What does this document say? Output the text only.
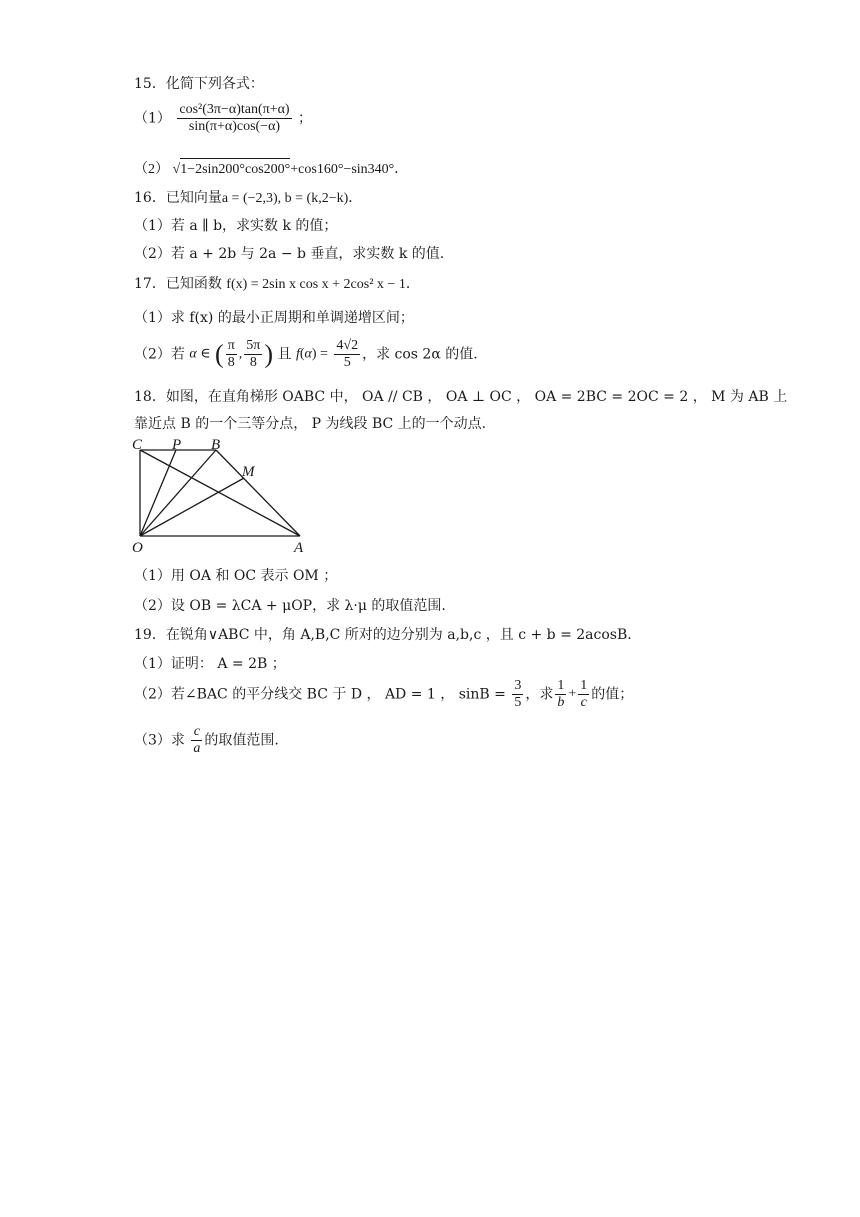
15．化简下列各式：
$(1) \frac{\text{cos²(3π−α)tan(π+α)}}{\sin(\pi+\alpha)\cos(-\alpha)}$ ；
（2） √1−2sin200°cos200°+cos160°−sin340°．
16．已知向量a = (−2,3), b = (k,2−k)．
（1）若 a ∥ b，求实数 k 的值；
（2）若 a + 2b 与 2a − b 垂直，求实数 k 的值.
17．已知函数 f(x) = 2sin x cos x + 2cos² x − 1．
（1）求 f(x) 的最小正周期和单调递增区间；
（2）若 α ∈ ( $\frac{\pi}{8}$ , $\frac{5\pi}{8}$ ) 且 $f(\alpha) = \frac{4√2}{5}$ ，求 cos 2α 的值.
18．如图，在直角梯形 OABC 中， OA // CB ， OA ⊥ OC ， OA = 2BC = 2OC = 2 ， M 为 AB 上
靠近点 B 的一个三等分点， P 为线段 BC 上的一个动点.
C P B
M
O	A
（1）用 OA 和 OC 表示 OM ；
（2）设 OB = λCA + μOP，求 λ·μ 的取值范围.
19．在锐角∨ABC 中，角 A,B,C 所对的边分别为 a,b,c ，且 c + b = 2acosB.
（1）证明： A = 2B ；
（2）若∠BAC 的平分线交 BC 于 D ， AD = 1 ， $\sin B = \frac{3}{5}$ ，求 $\frac{1}{b} + \frac{1}{c}$ 的值；
（3）求 $\frac{c}{a}$ 的取值范围.
